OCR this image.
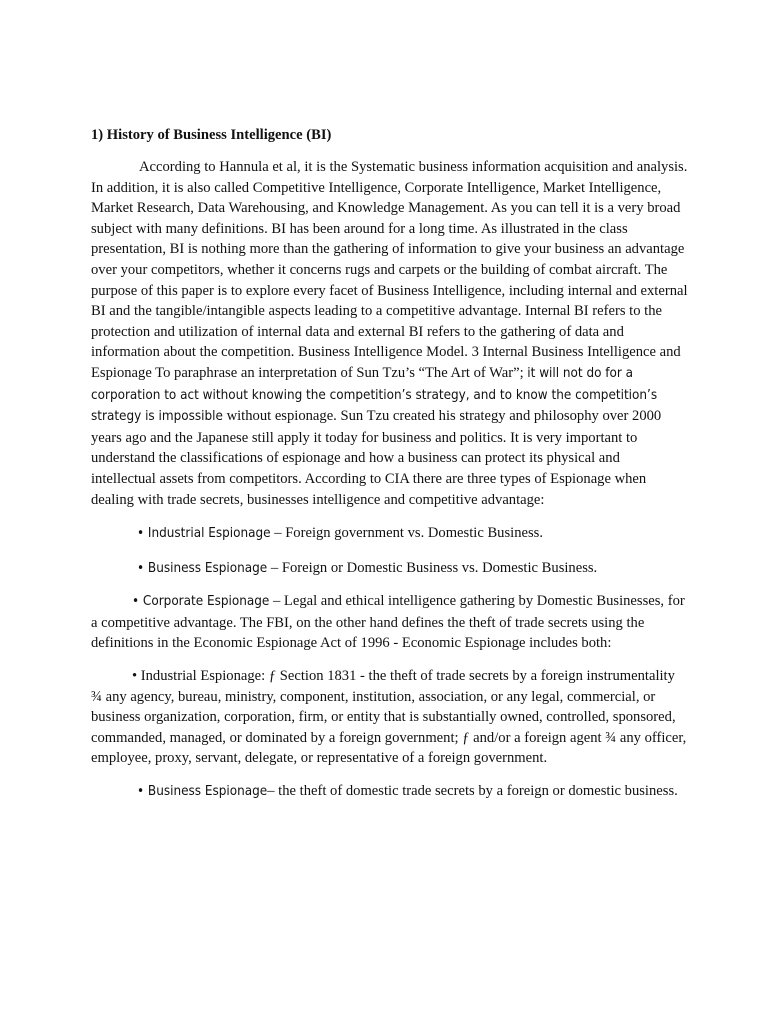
1) History of Business Intelligence (BI)

According to Hannula et al, it is the Systematic business information acquisition and analysis. In addition, it is also called Competitive Intelligence, Corporate Intelligence, Market Intelligence, Market Research, Data Warehousing, and Knowledge Management. As you can tell it is a very broad subject with many definitions. BI has been around for a long time. As illustrated in the class presentation, BI is nothing more than the gathering of information to give your business an advantage over your competitors, whether it concerns rugs and carpets or the building of combat aircraft. The purpose of this paper is to explore every facet of Business Intelligence, including internal and external BI and the tangible/intangible aspects leading to a competitive advantage. Internal BI refers to the protection and utilization of internal data and external BI refers to the gathering of data and information about the competition. Business Intelligence Model. 3 Internal Business Intelligence and Espionage To paraphrase an interpretation of Sun Tzu’s “The Art of War”; it will not do for a corporation to act without knowing the competition’s strategy, and to know the competition’s strategy is impossible without espionage. Sun Tzu created his strategy and philosophy over 2000 years ago and the Japanese still apply it today for business and politics. It is very important to understand the classifications of espionage and how a business can protect its physical and intellectual assets from competitors. According to CIA there are three types of Espionage when dealing with trade secrets, businesses intelligence and competitive advantage:

• Industrial Espionage – Foreign government vs. Domestic Business.

• Business Espionage – Foreign or Domestic Business vs. Domestic Business.

• Corporate Espionage – Legal and ethical intelligence gathering by Domestic Businesses, for a competitive advantage. The FBI, on the other hand defines the theft of trade secrets using the definitions in the Economic Espionage Act of 1996 - Economic Espionage includes both:

• Industrial Espionage: ƒ Section 1831 - the theft of trade secrets by a foreign instrumentality ¾ any agency, bureau, ministry, component, institution, association, or any legal, commercial, or business organization, corporation, firm, or entity that is substantially owned, controlled, sponsored, commanded, managed, or dominated by a foreign government; ƒ and/or a foreign agent ¾ any officer, employee, proxy, servant, delegate, or representative of a foreign government.

• Business Espionage– the theft of domestic trade secrets by a foreign or domestic business.
